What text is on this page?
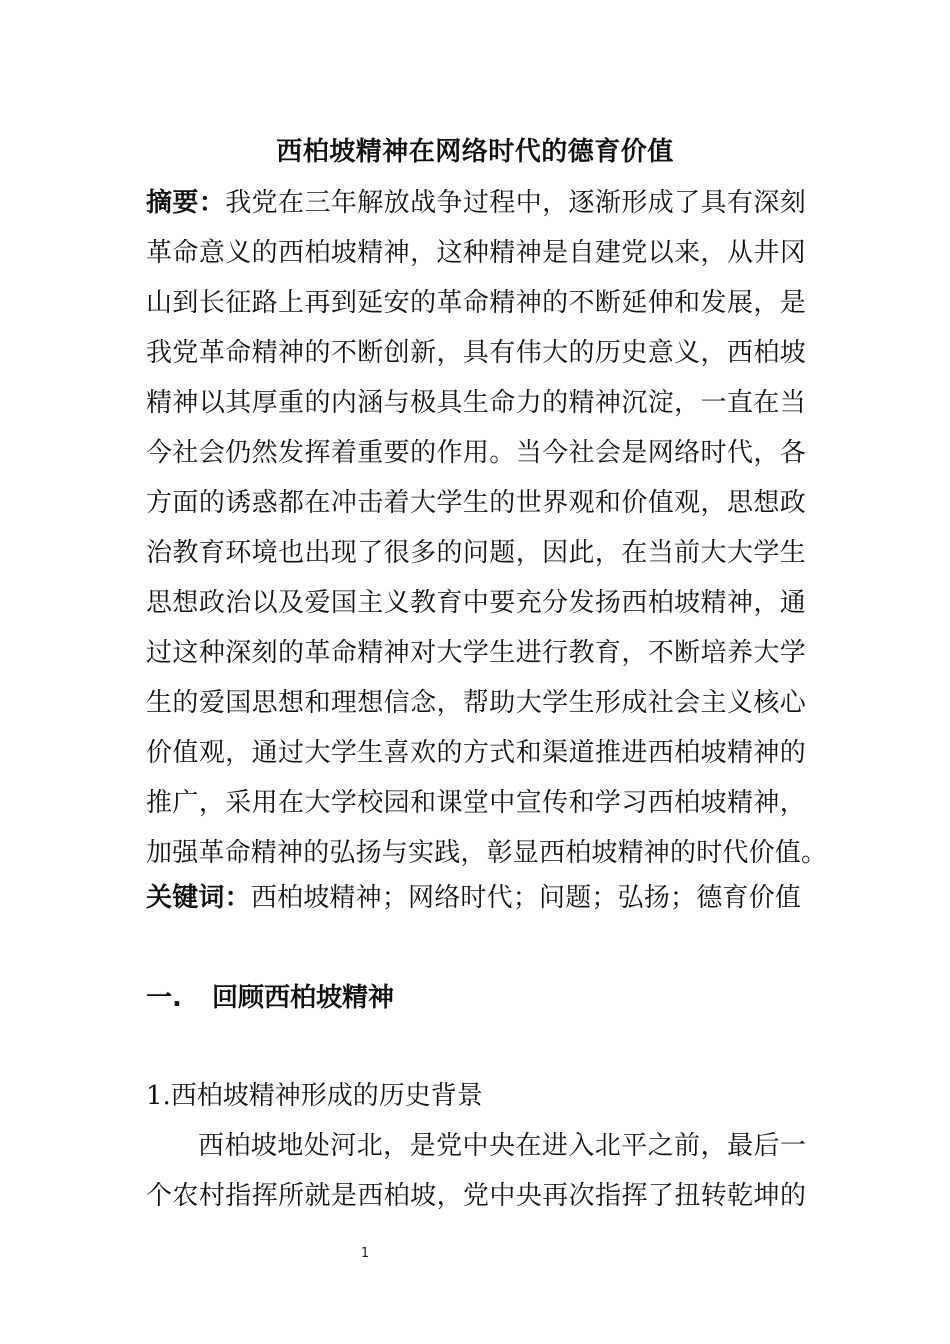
西柏坡精神在网络时代的德育价值
摘要：我党在三年解放战争过程中，逐渐形成了具有深刻
革命意义的西柏坡精神，这种精神是自建党以来，从井冈
山到长征路上再到延安的革命精神的不断延伸和发展，是
我党革命精神的不断创新，具有伟大的历史意义，西柏坡
精神以其厚重的内涵与极具生命力的精神沉淀，一直在当
今社会仍然发挥着重要的作用。当今社会是网络时代，各
方面的诱惑都在冲击着大学生的世界观和价值观，思想政
治教育环境也出现了很多的问题，因此，在当前大大学生
思想政治以及爱国主义教育中要充分发扬西柏坡精神，通
过这种深刻的革命精神对大学生进行教育，不断培养大学
生的爱国思想和理想信念，帮助大学生形成社会主义核心
价值观，通过大学生喜欢的方式和渠道推进西柏坡精神的
推广，采用在大学校园和课堂中宣传和学习西柏坡精神，
加强革命精神的弘扬与实践，彰显西柏坡精神的时代价值。
关键词：西柏坡精神；网络时代；问题；弘扬；德育价值
一. 回顾西柏坡精神
1.西柏坡精神形成的历史背景
西柏坡地处河北，是党中央在进入北平之前，最后一
个农村指挥所就是西柏坡，党中央再次指挥了扭转乾坤的
1
